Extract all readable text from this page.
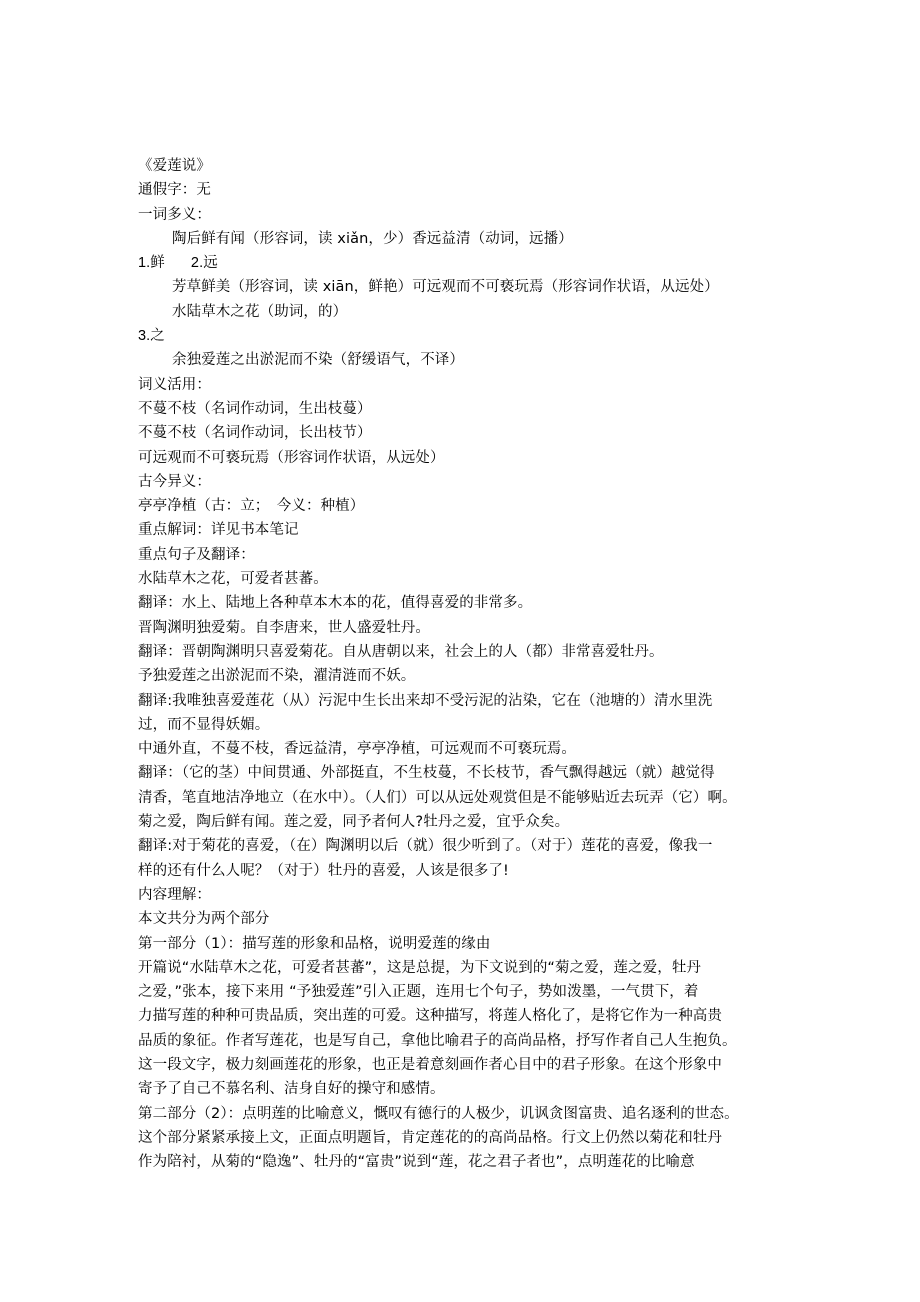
《爱莲说》
通假字：无
一词多义：
陶后鲜有闻（形容词，读 xiǎn，少）香远益清（动词，远播）
1.鲜 2.远
芳草鲜美（形容词，读 xiān，鲜艳）可远观而不可亵玩焉（形容词作状语，从远处）
水陆草木之花（助词，的）
3.之
余独爱莲之出淤泥而不染（舒缓语气，不译）
词义活用：
不蔓不枝（名词作动词，生出枝蔓）
不蔓不枝（名词作动词，长出枝节）
可远观而不可亵玩焉（形容词作状语，从远处）
古今异义：
亭亭净植（古：立；　今义：种植）
重点解词：详见书本笔记
重点句子及翻译：
水陆草木之花，可爱者甚蕃。
翻译：水上、陆地上各种草本木本的花，值得喜爱的非常多。
晋陶渊明独爱菊。自李唐来，世人盛爱牡丹。
翻译：晋朝陶渊明只喜爱菊花。自从唐朝以来，社会上的人（都）非常喜爱牡丹。
予独爱莲之出淤泥而不染，濯清涟而不妖。
翻译:我唯独喜爱莲花（从）污泥中生长出来却不受污泥的沾染，它在（池塘的）清水里洗
过，而不显得妖媚。
中通外直，不蔓不枝，香远益清，亭亭净植，可远观而不可亵玩焉。
翻译：（它的茎）中间贯通、外部挺直，不生枝蔓，不长枝节，香气飘得越远（就）越觉得
清香，笔直地洁净地立（在水中）。（人们）可以从远处观赏但是不能够贴近去玩弄（它）啊。
菊之爱，陶后鲜有闻。莲之爱，同予者何人?牡丹之爱，宜乎众矣。
翻译:对于菊花的喜爱，（在）陶渊明以后（就）很少听到了。（对于）莲花的喜爱，像我一
样的还有什么人呢？（对于）牡丹的喜爱，人该是很多了!
内容理解：
本文共分为两个部分
第一部分（1）：描写莲的形象和品格，说明爱莲的缘由
开篇说“水陆草木之花，可爱者甚蕃”，这是总提，为下文说到的“菊之爱，莲之爱，牡丹
之爱，”张本，接下来用 “予独爱莲”引入正题，连用七个句子，势如泼墨，一气贯下，着
力描写莲的种种可贵品质，突出莲的可爱。这种描写，将莲人格化了，是将它作为一种高贵
品质的象征。作者写莲花，也是写自己，拿他比喻君子的高尚品格，抒写作者自己人生抱负。
这一段文字，极力刻画莲花的形象，也正是着意刻画作者心目中的君子形象。在这个形象中
寄予了自己不慕名利、洁身自好的操守和感情。
第二部分（2）：点明莲的比喻意义，慨叹有德行的人极少，讥讽贪图富贵、追名逐利的世态。
这个部分紧紧承接上文，正面点明题旨，肯定莲花的的高尚品格。行文上仍然以菊花和牡丹
作为陪衬，从菊的“隐逸”、牡丹的“富贵”说到“莲，花之君子者也”，点明莲花的比喻意
